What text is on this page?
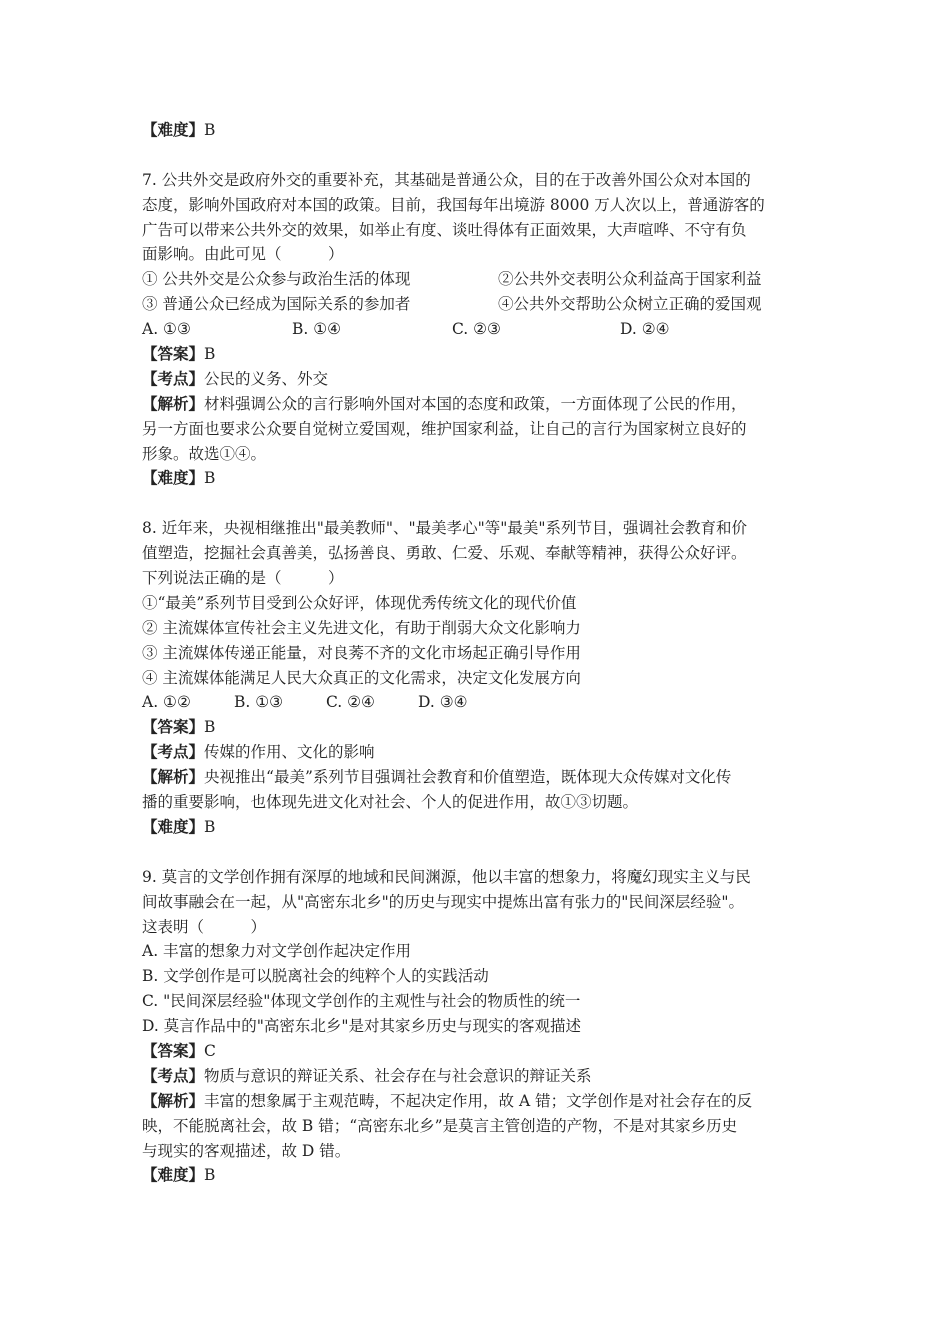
【难度】B
7. 公共外交是政府外交的重要补充，其基础是普通公众，目的在于改善外国公众对本国的
态度，影响外国政府对本国的政策。目前，我国每年出境游 8000 万人次以上，普通游客的
广告可以带来公共外交的效果，如举止有度、谈吐得体有正面效果，大声喧哗、不守有负
面影响。由此可见（　　　）
① 公共外交是公众参与政治生活的体现	②公共外交表明公众利益高于国家利益
③ 普通公众已经成为国际关系的参加者	④公共外交帮助公众树立正确的爱国观
A. ①③	B. ①④	C. ②③	D. ②④
【答案】B
【考点】公民的义务、外交
【解析】材料强调公众的言行影响外国对本国的态度和政策，一方面体现了公民的作用，
另一方面也要求公众要自觉树立爱国观，维护国家利益，让自己的言行为国家树立良好的
形象。故选①④。
【难度】B
8. 近年来，央视相继推出"最美教师"、"最美孝心"等"最美"系列节目，强调社会教育和价
值塑造，挖掘社会真善美，弘扬善良、勇敢、仁爱、乐观、奉献等精神，获得公众好评。
下列说法正确的是（　　　）
①“最美”系列节目受到公众好评，体现优秀传统文化的现代价值
② 主流媒体宣传社会主义先进文化，有助于削弱大众文化影响力
③ 主流媒体传递正能量，对良莠不齐的文化市场起正确引导作用
④ 主流媒体能满足人民大众真正的文化需求，决定文化发展方向
A. ①②	B. ①③	C. ②④	D. ③④
【答案】B
【考点】传媒的作用、文化的影响
【解析】央视推出“最美”系列节目强调社会教育和价值塑造，既体现大众传媒对文化传
播的重要影响，也体现先进文化对社会、个人的促进作用，故①③切题。
【难度】B
9. 莫言的文学创作拥有深厚的地域和民间渊源，他以丰富的想象力，将魔幻现实主义与民
间故事融会在一起，从"高密东北乡"的历史与现实中提炼出富有张力的"民间深层经验"。
这表明（　　　）
A. 丰富的想象力对文学创作起决定作用
B. 文学创作是可以脱离社会的纯粹个人的实践活动
C. "民间深层经验"体现文学创作的主观性与社会的物质性的统一
D. 莫言作品中的"高密东北乡"是对其家乡历史与现实的客观描述
【答案】C
【考点】物质与意识的辩证关系、社会存在与社会意识的辩证关系
【解析】丰富的想象属于主观范畴，不起决定作用，故 A 错；文学创作是对社会存在的反
映，不能脱离社会，故 B 错；“高密东北乡”是莫言主管创造的产物，不是对其家乡历史
与现实的客观描述，故 D 错。
【难度】B
